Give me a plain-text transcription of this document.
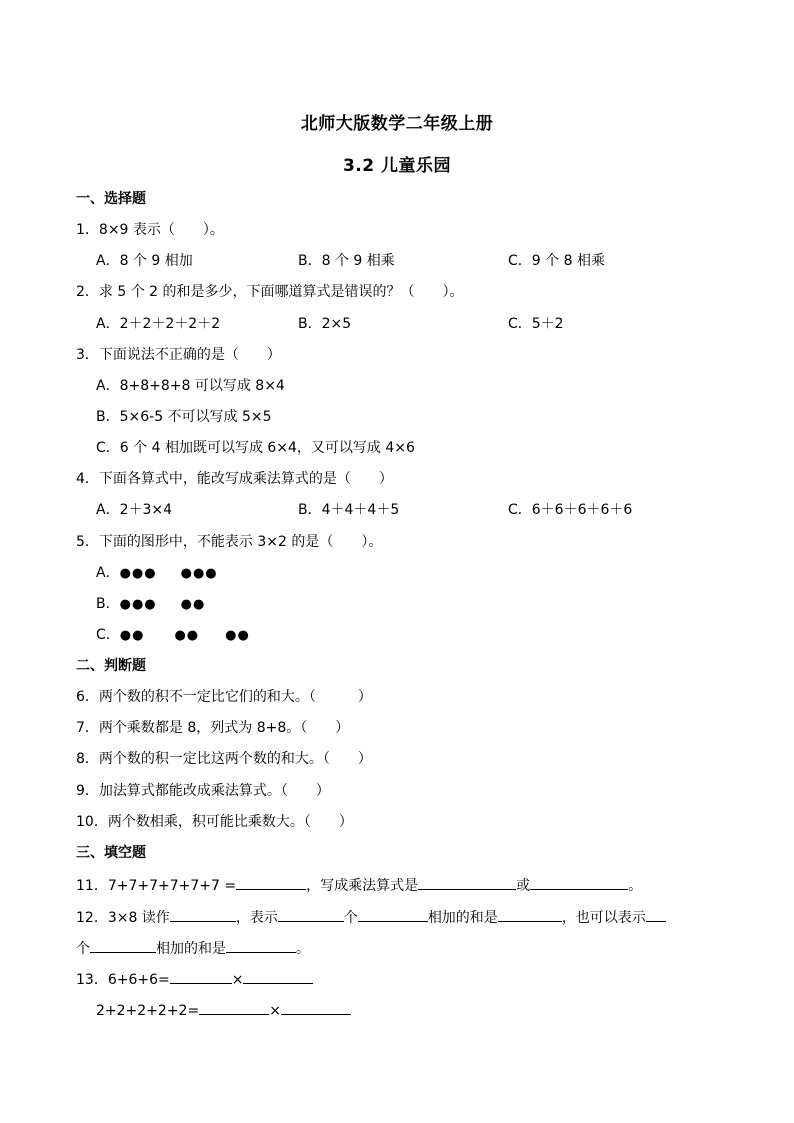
北师大版数学二年级上册
3.2 儿童乐园
一、选择题
1．8×9 表示（　　）。
A．8 个 9 相加	B．8 个 9 相乘	C．9 个 8 相乘
2．求 5 个 2 的和是多少，下面哪道算式是错误的？（　　）。
A．2＋2＋2＋2＋2	B．2×5	C．5＋2
3．下面说法不正确的是（　　）
A．8+8+8+8 可以写成 8×4
B．5×6-5 不可以写成 5×5
C．6 个 4 相加既可以写成 6×4，又可以写成 4×6
4．下面各算式中，能改写成乘法算式的是（　　）
A．2＋3×4	B．4＋4＋4＋5	C．6＋6＋6＋6＋6
5．下面的图形中，不能表示 3×2 的是（　　）。
A．●●● ●●●
B．●●● ●●
C．●● ●● ●●
二、判断题
6．两个数的积不一定比它们的和大。（　　　）
7．两个乘数都是 8，列式为 8+8。（　　）
8．两个数的积一定比这两个数的和大。（　　）
9．加法算式都能改成乘法算式。（　　）
10．两个数相乘，积可能比乘数大。（　　）
三、填空题
11．7+7+7+7+7+7 =	，写成乘法算式是	或	。
12．3×8 读作	，表示	个	相加的和是	，也可以表示
个	相加的和是	。
13．6+6+6=	×
2+2+2+2+2=	×
